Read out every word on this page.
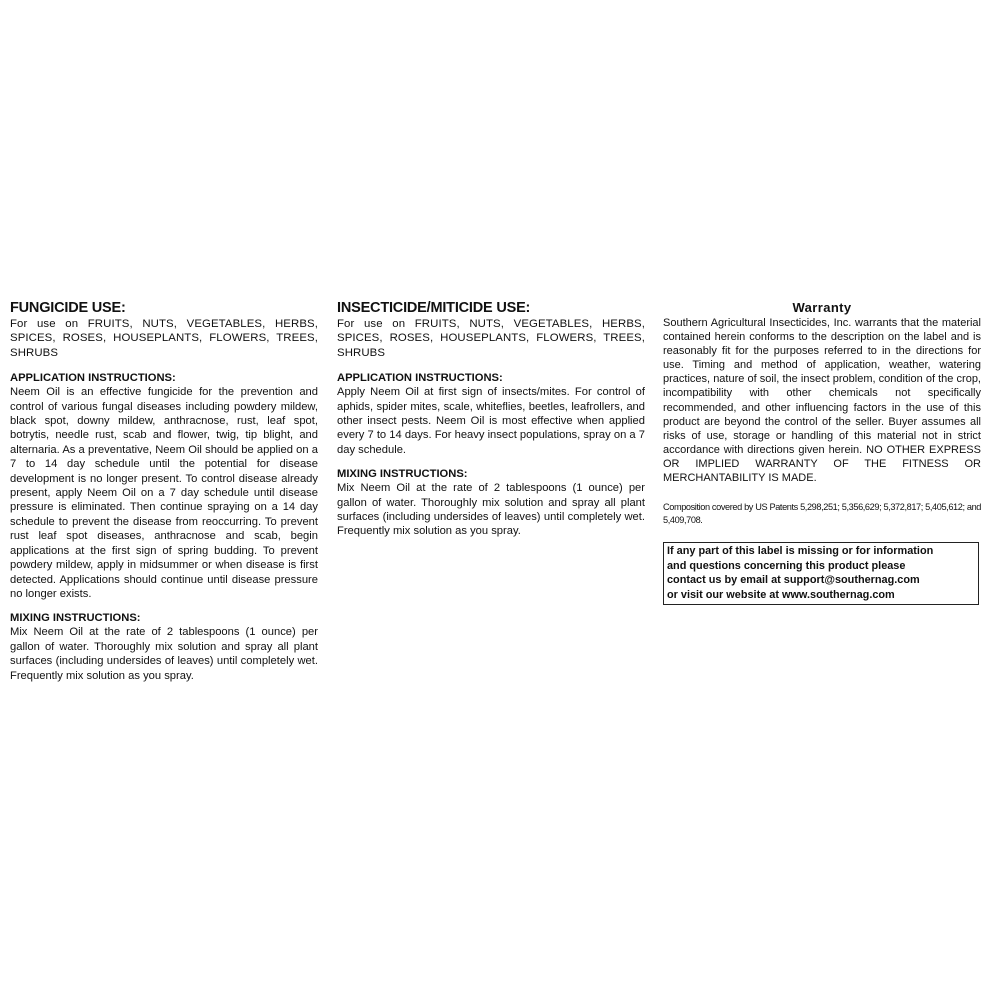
FUNGICIDE USE:

For use on FRUITS, NUTS, VEGETABLES, HERBS, SPICES, ROSES, HOUSEPLANTS, FLOWERS, TREES, SHRUBS

APPLICATION INSTRUCTIONS:

Neem Oil is an effective fungicide for the prevention and control of various fungal diseases including powdery mildew, black spot, downy mildew, anthracnose, rust, leaf spot, botrytis, needle rust, scab and flower, twig, tip blight, and alternaria. As a preventative, Neem Oil should be applied on a 7 to 14 day schedule until the potential for disease development is no longer present. To control disease already present, apply Neem Oil on a 7 day schedule until disease pressure is eliminated. Then continue spraying on a 14 day schedule to prevent the disease from reoccurring. To prevent rust leaf spot diseases, anthracnose and scab, begin applications at the first sign of spring budding. To prevent powdery mildew, apply in midsummer or when disease is first detected. Applications should continue until disease pressure no longer exists.

MIXING INSTRUCTIONS:

Mix Neem Oil at the rate of 2 tablespoons (1 ounce) per gallon of water. Thoroughly mix solution and spray all plant surfaces (including undersides of leaves) until completely wet. Frequently mix solution as you spray.

INSECTICIDE/MITICIDE USE:

For use on FRUITS, NUTS, VEGETABLES, HERBS, SPICES, ROSES, HOUSEPLANTS, FLOWERS, TREES, SHRUBS

APPLICATION INSTRUCTIONS:

Apply Neem Oil at first sign of insects/mites. For control of aphids, spider mites, scale, whiteflies, beetles, leafrollers, and other insect pests. Neem Oil is most effective when applied every 7 to 14 days. For heavy insect populations, spray on a 7 day schedule.

MIXING INSTRUCTIONS:

Mix Neem Oil at the rate of 2 tablespoons (1 ounce) per gallon of water. Thoroughly mix solution and spray all plant surfaces (including undersides of leaves) until completely wet. Frequently mix solution as you spray.

Warranty

Southern Agricultural Insecticides, Inc. warrants that the material contained herein conforms to the description on the label and is reasonably fit for the purposes referred to in the directions for use. Timing and method of application, weather, watering practices, nature of soil, the insect problem, condition of the crop, incompatibility with other chemicals not specifically recommended, and other influencing factors in the use of this product are beyond the control of the seller. Buyer assumes all risks of use, storage or handling of this material not in strict accordance with directions given herein. NO OTHER EXPRESS OR IMPLIED WARRANTY OF THE FITNESS OR MERCHANTABILITY IS MADE.

Composition covered by US Patents 5,298,251; 5,356,629; 5,372,817; 5,405,612; and 5,409,708.

If any part of this label is missing or for information
and questions concerning this product please
contact us by email at support@southernag.com
or visit our website at www.southernag.com
